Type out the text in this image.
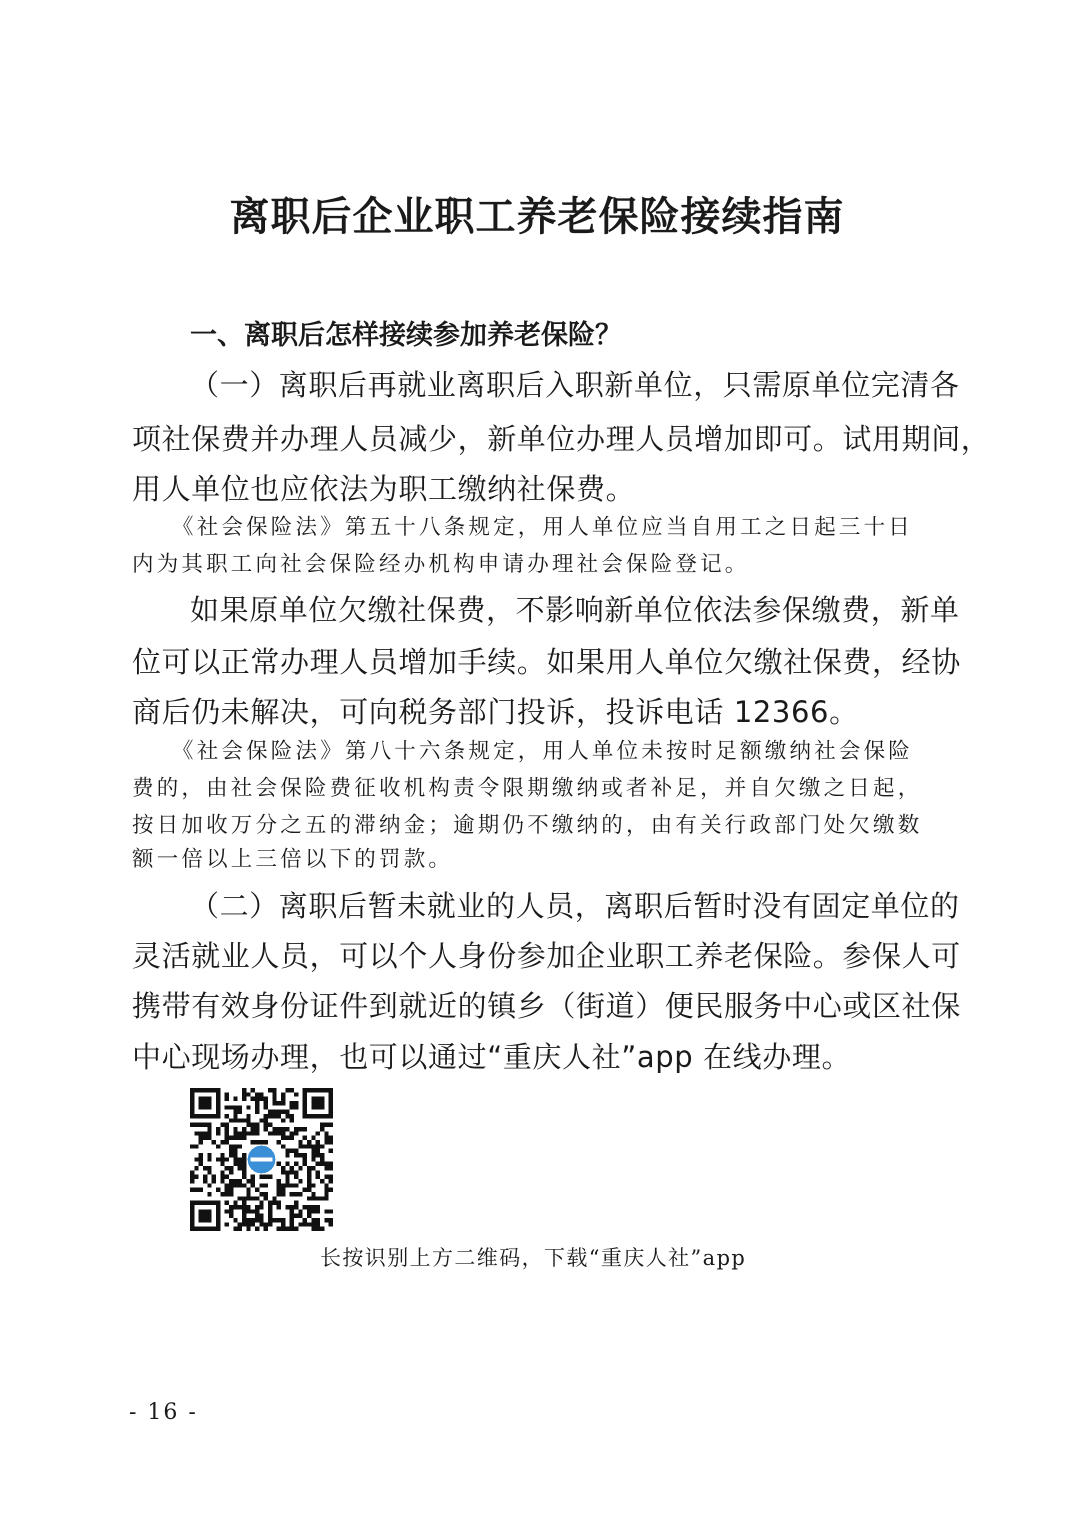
离职后企业职工养老保险接续指南
一、离职后怎样接续参加养老保险？
（一）离职后再就业离职后入职新单位，只需原单位完清各
项社保费并办理人员减少，新单位办理人员增加即可。试用期间，
用人单位也应依法为职工缴纳社保费。
《社会保险法》第五十八条规定，用人单位应当自用工之日起三十日
内为其职工向社会保险经办机构申请办理社会保险登记。
如果原单位欠缴社保费，不影响新单位依法参保缴费，新单
位可以正常办理人员增加手续。如果用人单位欠缴社保费，经协
商后仍未解决，可向税务部门投诉，投诉电话 12366。
《社会保险法》第八十六条规定，用人单位未按时足额缴纳社会保险
费的，由社会保险费征收机构责令限期缴纳或者补足，并自欠缴之日起，
按日加收万分之五的滞纳金；逾期仍不缴纳的，由有关行政部门处欠缴数
额一倍以上三倍以下的罚款。
（二）离职后暂未就业的人员，离职后暂时没有固定单位的
灵活就业人员，可以个人身份参加企业职工养老保险。参保人可
携带有效身份证件到就近的镇乡（街道）便民服务中心或区社保
中心现场办理，也可以通过“重庆人社”app 在线办理。
长按识别上方二维码，下载“重庆人社”app
- 16 -
